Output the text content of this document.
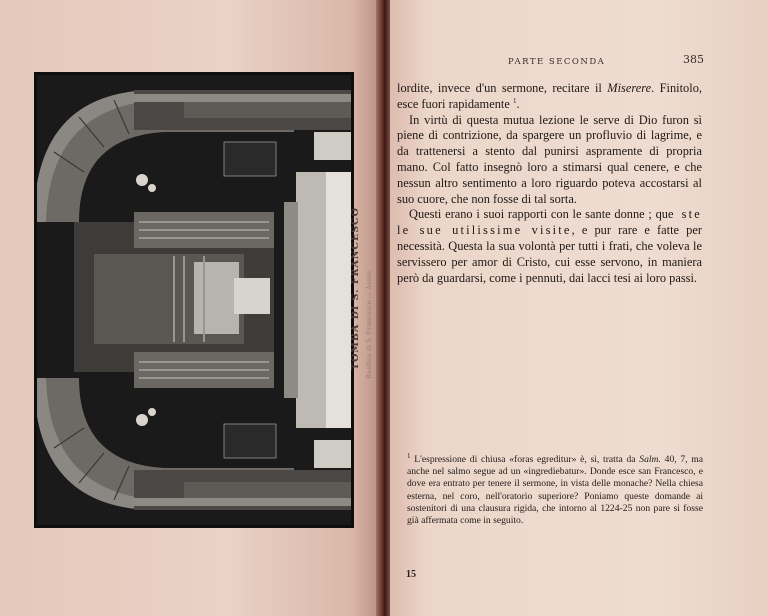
TOMBA DI S. FRANCESCO Basilica di S. Francesco — Assisi
PARTE SECONDA	385

lordite, invece d'un sermone, recitare il Miserere. Finitolo, esce fuori rapidamente $^1$.

In virtù di questa mutua lezione le serve di Dio furon sì piene di contrizione, da spargere un profluvio di lagrime, e da trattenersi a stento dal punirsi aspramente di propria mano. Col fatto insegnò loro a stimarsi qual cenere, e che nessun altro sentimento a loro riguardo poteva accostarsi al suo cuore, che non fosse di tal sorta.

Questi erano i suoi rapporti con le sante donne ; que ste le sue utilissime visite, e pur rare e fatte per necessità. Questa la sua volontà per tutti i frati, che voleva le servissero per amor di Cristo, cui esse servono, in maniera però da guardarsi, come i pennuti, dai lacci tesi ai loro passi.

$^1$ L'espressione di chiusa «foras egreditur» è, sì, tratta da Salm. 40, 7, ma anche nel salmo segue ad un «ingrediebatur». Donde esce san Francesco, e dove era entrato per tenere il sermone, in vista delle monache? Nella chiesa esterna, nel coro, nell'oratorio superiore? Poniamo queste domande ai sostenitori di una clausura rigida, che intorno al 1224-25 non pare si fosse già affermata come in seguito.
15
